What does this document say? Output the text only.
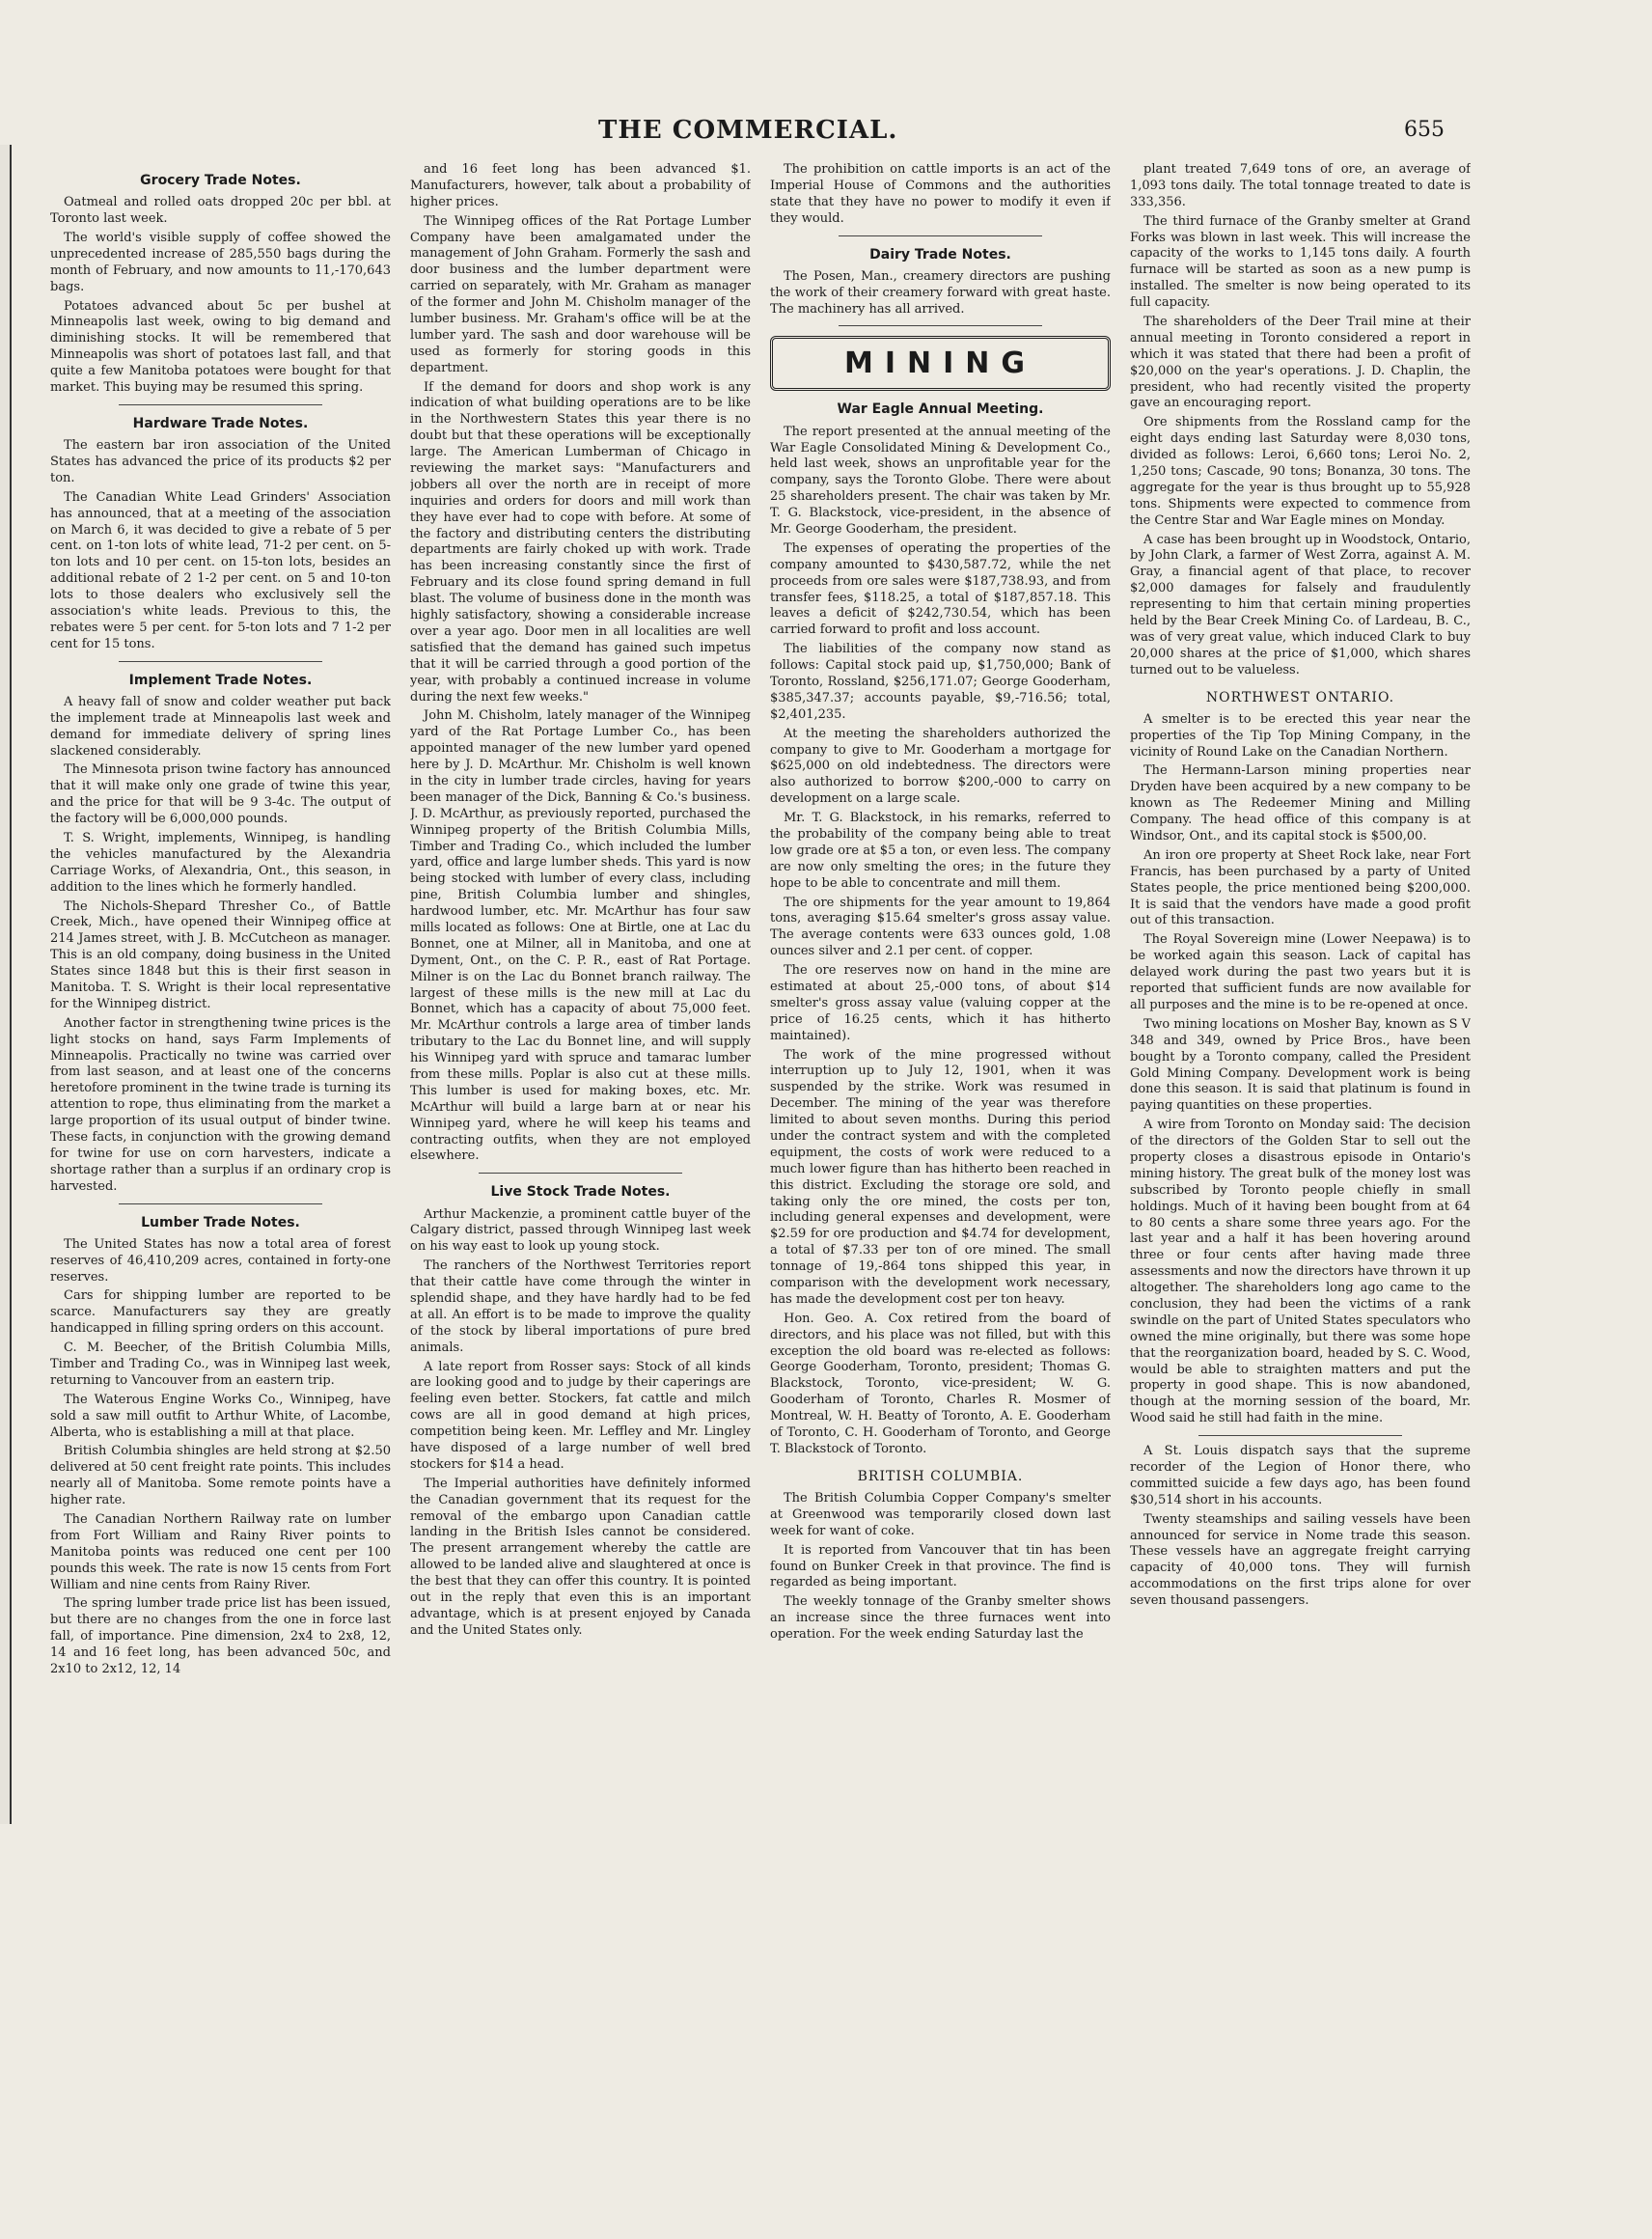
THE COMMERCIAL.	655
Grocery Trade Notes.

Oatmeal and rolled oats dropped 20c per bbl. at Toronto last week.

The world's visible supply of coffee showed the unprecedented increase of 285,550 bags during the month of February, and now amounts to 11,-170,643 bags.

Potatoes advanced about 5c per bushel at Minneapolis last week, owing to big demand and diminishing stocks. It will be remembered that Minneapolis was short of potatoes last fall, and that quite a few Manitoba potatoes were bought for that market. This buying may be resumed this spring.

Hardware Trade Notes.

The eastern bar iron association of the United States has advanced the price of its products $2 per ton.

The Canadian White Lead Grinders' Association has announced, that at a meeting of the association on March 6, it was decided to give a rebate of 5 per cent. on 1-ton lots of white lead, 71-2 per cent. on 5-ton lots and 10 per cent. on 15-ton lots, besides an additional rebate of 2 1-2 per cent. on 5 and 10-ton lots to those dealers who exclusively sell the association's white leads. Previous to this, the rebates were 5 per cent. for 5-ton lots and 7 1-2 per cent for 15 tons.

Implement Trade Notes.

A heavy fall of snow and colder weather put back the implement trade at Minneapolis last week and demand for immediate delivery of spring lines slackened considerably.

The Minnesota prison twine factory has announced that it will make only one grade of twine this year, and the price for that will be 9 3-4c. The output of the factory will be 6,000,000 pounds.

T. S. Wright, implements, Winnipeg, is handling the vehicles manufactured by the Alexandria Carriage Works, of Alexandria, Ont., this season, in addition to the lines which he formerly handled.

The Nichols-Shepard Thresher Co., of Battle Creek, Mich., have opened their Winnipeg office at 214 James street, with J. B. McCutcheon as manager. This is an old company, doing business in the United States since 1848 but this is their first season in Manitoba. T. S. Wright is their local representative for the Winnipeg district.

Another factor in strengthening twine prices is the light stocks on hand, says Farm Implements of Minneapolis. Practically no twine was carried over from last season, and at least one of the concerns heretofore prominent in the twine trade is turning its attention to rope, thus eliminating from the market a large proportion of its usual output of binder twine. These facts, in conjunction with the growing demand for twine for use on corn harvesters, indicate a shortage rather than a surplus if an ordinary crop is harvested.

Lumber Trade Notes.

The United States has now a total area of forest reserves of 46,410,209 acres, contained in forty-one reserves.

Cars for shipping lumber are reported to be scarce. Manufacturers say they are greatly handicapped in filling spring orders on this account.

C. M. Beecher, of the British Columbia Mills, Timber and Trading Co., was in Winnipeg last week, returning to Vancouver from an eastern trip.

The Waterous Engine Works Co., Winnipeg, have sold a saw mill outfit to Arthur White, of Lacombe, Alberta, who is establishing a mill at that place.

British Columbia shingles are held strong at $2.50 delivered at 50 cent freight rate points. This includes nearly all of Manitoba. Some remote points have a higher rate.

The Canadian Northern Railway rate on lumber from Fort William and Rainy River points to Manitoba points was reduced one cent per 100 pounds this week. The rate is now 15 cents from Fort William and nine cents from Rainy River.

The spring lumber trade price list has been issued, but there are no changes from the one in force last fall, of importance. Pine dimension, 2x4 to 2x8, 12, 14 and 16 feet long, has been advanced 50c, and 2x10 to 2x12, 12, 14

and 16 feet long has been advanced $1. Manufacturers, however, talk about a probability of higher prices.

The Winnipeg offices of the Rat Portage Lumber Company have been amalgamated under the management of John Graham. Formerly the sash and door business and the lumber department were carried on separately, with Mr. Graham as manager of the former and John M. Chisholm manager of the lumber business. Mr. Graham's office will be at the lumber yard. The sash and door warehouse will be used as formerly for storing goods in this department.

If the demand for doors and shop work is any indication of what building operations are to be like in the Northwestern States this year there is no doubt but that these operations will be exceptionally large. The American Lumberman of Chicago in reviewing the market says: "Manufacturers and jobbers all over the north are in receipt of more inquiries and orders for doors and mill work than they have ever had to cope with before. At some of the factory and distributing centers the distributing departments are fairly choked up with work. Trade has been increasing constantly since the first of February and its close found spring demand in full blast. The volume of business done in the month was highly satisfactory, showing a considerable increase over a year ago. Door men in all localities are well satisfied that the demand has gained such impetus that it will be carried through a good portion of the year, with probably a continued increase in volume during the next few weeks."

John M. Chisholm, lately manager of the Winnipeg yard of the Rat Portage Lumber Co., has been appointed manager of the new lumber yard opened here by J. D. McArthur. Mr. Chisholm is well known in the city in lumber trade circles, having for years been manager of the Dick, Banning & Co.'s business. J. D. McArthur, as previously reported, purchased the Winnipeg property of the British Columbia Mills, Timber and Trading Co., which included the lumber yard, office and large lumber sheds. This yard is now being stocked with lumber of every class, including pine, British Columbia lumber and shingles, hardwood lumber, etc. Mr. McArthur has four saw mills located as follows: One at Birtle, one at Lac du Bonnet, one at Milner, all in Manitoba, and one at Dyment, Ont., on the C. P. R., east of Rat Portage. Milner is on the Lac du Bonnet branch railway. The largest of these mills is the new mill at Lac du Bonnet, which has a capacity of about 75,000 feet. Mr. McArthur controls a large area of timber lands tributary to the Lac du Bonnet line, and will supply his Winnipeg yard with spruce and tamarac lumber from these mills. Poplar is also cut at these mills. This lumber is used for making boxes, etc. Mr. McArthur will build a large barn at or near his Winnipeg yard, where he will keep his teams and contracting outfits, when they are not employed elsewhere.

Live Stock Trade Notes.

Arthur Mackenzie, a prominent cattle buyer of the Calgary district, passed through Winnipeg last week on his way east to look up young stock.

The ranchers of the Northwest Territories report that their cattle have come through the winter in splendid shape, and they have hardly had to be fed at all. An effort is to be made to improve the quality of the stock by liberal importations of pure bred animals.

A late report from Rosser says: Stock of all kinds are looking good and to judge by their caperings are feeling even better. Stockers, fat cattle and milch cows are all in good demand at high prices, competition being keen. Mr. Leffley and Mr. Lingley have disposed of a large number of well bred stockers for $14 a head.

The Imperial authorities have definitely informed the Canadian government that its request for the removal of the embargo upon Canadian cattle landing in the British Isles cannot be considered. The present arrangement whereby the cattle are allowed to be landed alive and slaughtered at once is the best that they can offer this country. It is pointed out in the reply that even this is an important advantage, which is at present enjoyed by Canada and the United States only.

The prohibition on cattle imports is an act of the Imperial House of Commons and the authorities state that they have no power to modify it even if they would.

Dairy Trade Notes.

The Posen, Man., creamery directors are pushing the work of their creamery forward with great haste. The machinery has all arrived.

MINING
War Eagle Annual Meeting.

The report presented at the annual meeting of the War Eagle Consolidated Mining & Development Co., held last week, shows an unprofitable year for the company, says the Toronto Globe. There were about 25 shareholders present. The chair was taken by Mr. T. G. Blackstock, vice-president, in the absence of Mr. George Gooderham, the president.

The expenses of operating the properties of the company amounted to $430,587.72, while the net proceeds from ore sales were $187,738.93, and from transfer fees, $118.25, a total of $187,857.18. This leaves a deficit of $242,730.54, which has been carried forward to profit and loss account.

The liabilities of the company now stand as follows: Capital stock paid up, $1,750,000; Bank of Toronto, Rossland, $256,171.07; George Gooderham, $385,347.37; accounts payable, $9,-716.56; total, $2,401,235.

At the meeting the shareholders authorized the company to give to Mr. Gooderham a mortgage for $625,000 on old indebtedness. The directors were also authorized to borrow $200,-000 to carry on development on a large scale.

Mr. T. G. Blackstock, in his remarks, referred to the probability of the company being able to treat low grade ore at $5 a ton, or even less. The company are now only smelting the ores; in the future they hope to be able to concentrate and mill them.

The ore shipments for the year amount to 19,864 tons, averaging $15.64 smelter's gross assay value. The average contents were 633 ounces gold, 1.08 ounces silver and 2.1 per cent. of copper.

The ore reserves now on hand in the mine are estimated at about 25,-000 tons, of about $14 smelter's gross assay value (valuing copper at the price of 16.25 cents, which it has hitherto maintained).

The work of the mine progressed without interruption up to July 12, 1901, when it was suspended by the strike. Work was resumed in December. The mining of the year was therefore limited to about seven months. During this period under the contract system and with the completed equipment, the costs of work were reduced to a much lower figure than has hitherto been reached in this district. Excluding the storage ore sold, and taking only the ore mined, the costs per ton, including general expenses and development, were $2.59 for ore production and $4.74 for development, a total of $7.33 per ton of ore mined. The small tonnage of 19,-864 tons shipped this year, in comparison with the development work necessary, has made the development cost per ton heavy.

Hon. Geo. A. Cox retired from the board of directors, and his place was not filled, but with this exception the old board was re-elected as follows: George Gooderham, Toronto, president; Thomas G. Blackstock, Toronto, vice-president; W. G. Gooderham of Toronto, Charles R. Mosmer of Montreal, W. H. Beatty of Toronto, A. E. Gooderham of Toronto, C. H. Gooderham of Toronto, and George T. Blackstock of Toronto.

BRITISH COLUMBIA.

The British Columbia Copper Company's smelter at Greenwood was temporarily closed down last week for want of coke.

It is reported from Vancouver that tin has been found on Bunker Creek in that province. The find is regarded as being important.

The weekly tonnage of the Granby smelter shows an increase since the three furnaces went into operation. For the week ending Saturday last the

plant treated 7,649 tons of ore, an average of 1,093 tons daily. The total tonnage treated to date is 333,356.

The third furnace of the Granby smelter at Grand Forks was blown in last week. This will increase the capacity of the works to 1,145 tons daily. A fourth furnace will be started as soon as a new pump is installed. The smelter is now being operated to its full capacity.

The shareholders of the Deer Trail mine at their annual meeting in Toronto considered a report in which it was stated that there had been a profit of $20,000 on the year's operations. J. D. Chaplin, the president, who had recently visited the property gave an encouraging report.

Ore shipments from the Rossland camp for the eight days ending last Saturday were 8,030 tons, divided as follows: Leroi, 6,660 tons; Leroi No. 2, 1,250 tons; Cascade, 90 tons; Bonanza, 30 tons. The aggregate for the year is thus brought up to 55,928 tons. Shipments were expected to commence from the Centre Star and War Eagle mines on Monday.

A case has been brought up in Woodstock, Ontario, by John Clark, a farmer of West Zorra, against A. M. Gray, a financial agent of that place, to recover $2,000 damages for falsely and fraudulently representing to him that certain mining properties held by the Bear Creek Mining Co. of Lardeau, B. C., was of very great value, which induced Clark to buy 20,000 shares at the price of $1,000, which shares turned out to be valueless.

NORTHWEST ONTARIO.

A smelter is to be erected this year near the properties of the Tip Top Mining Company, in the vicinity of Round Lake on the Canadian Northern.

The Hermann-Larson mining properties near Dryden have been acquired by a new company to be known as The Redeemer Mining and Milling Company. The head office of this company is at Windsor, Ont., and its capital stock is $500,00.

An iron ore property at Sheet Rock lake, near Fort Francis, has been purchased by a party of United States people, the price mentioned being $200,000. It is said that the vendors have made a good profit out of this transaction.

The Royal Sovereign mine (Lower Neepawa) is to be worked again this season. Lack of capital has delayed work during the past two years but it is reported that sufficient funds are now available for all purposes and the mine is to be re-opened at once.

Two mining locations on Mosher Bay, known as S V 348 and 349, owned by Price Bros., have been bought by a Toronto company, called the President Gold Mining Company. Development work is being done this season. It is said that platinum is found in paying quantities on these properties.

A wire from Toronto on Monday said: The decision of the directors of the Golden Star to sell out the property closes a disastrous episode in Ontario's mining history. The great bulk of the money lost was subscribed by Toronto people chiefly in small holdings. Much of it having been bought from at 64 to 80 cents a share some three years ago. For the last year and a half it has been hovering around three or four cents after having made three assessments and now the directors have thrown it up altogether. The shareholders long ago came to the conclusion, they had been the victims of a rank swindle on the part of United States speculators who owned the mine originally, but there was some hope that the reorganization board, headed by S. C. Wood, would be able to straighten matters and put the property in good shape. This is now abandoned, though at the morning session of the board, Mr. Wood said he still had faith in the mine.

A St. Louis dispatch says that the supreme recorder of the Legion of Honor there, who committed suicide a few days ago, has been found $30,514 short in his accounts.

Twenty steamships and sailing vessels have been announced for service in Nome trade this season. These vessels have an aggregate freight carrying capacity of 40,000 tons. They will furnish accommodations on the first trips alone for over seven thousand passengers.
